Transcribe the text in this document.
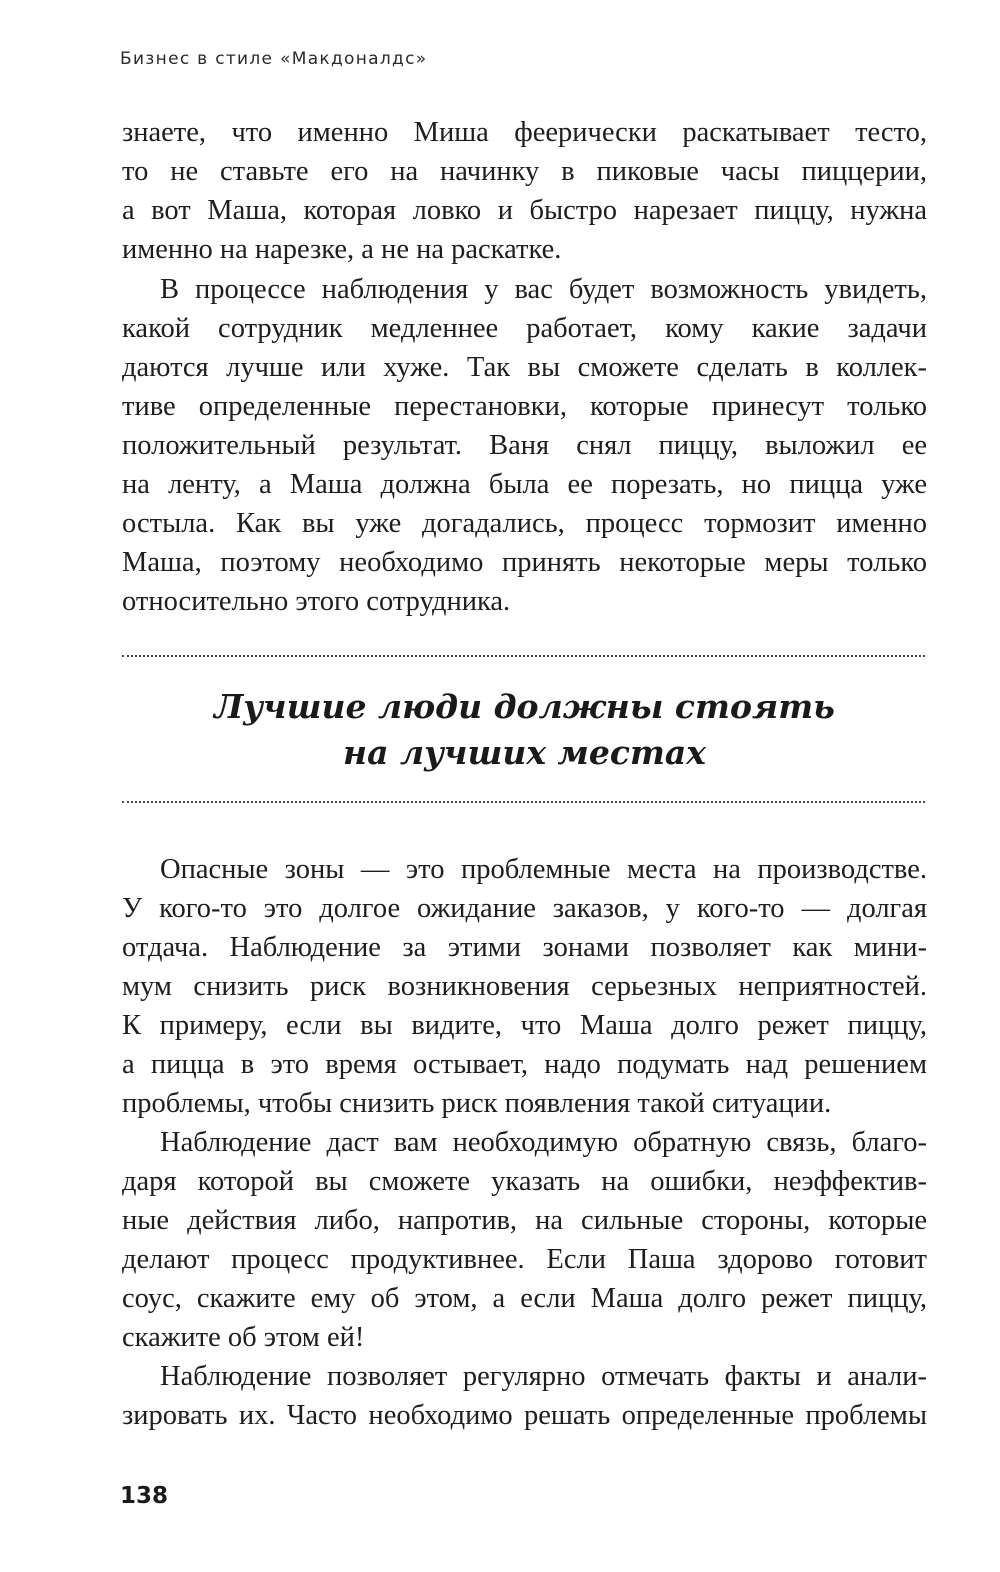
Бизнес в стиле «Макдоналдс»
знаете, что именно Миша феерически раскатывает тесто,
то не ставьте его на начинку в пиковые часы пиццерии,
а вот Маша, которая ловко и быстро нарезает пиццу, нужна
именно на нарезке, а не на раскатке.
В процессе наблюдения у вас будет возможность увидеть,
какой сотрудник медленнее работает, кому какие задачи
даются лучше или хуже. Так вы сможете сделать в коллек-
тиве определенные перестановки, которые принесут только
положительный результат. Ваня снял пиццу, выложил ее
на ленту, а Маша должна была ее порезать, но пицца уже
остыла. Как вы уже догадались, процесс тормозит именно
Маша, поэтому необходимо принять некоторые меры только
относительно этого сотрудника.
Лучшие люди должны стоять
на лучших местах
Опасные зоны — это проблемные места на производстве.
У кого-то это долгое ожидание заказов, у кого-то — долгая
отдача. Наблюдение за этими зонами позволяет как мини-
мум снизить риск возникновения серьезных неприятностей.
К примеру, если вы видите, что Маша долго режет пиццу,
а пицца в это время остывает, надо подумать над решением
проблемы, чтобы снизить риск появления такой ситуации.
Наблюдение даст вам необходимую обратную связь, благо-
даря которой вы сможете указать на ошибки, неэффектив-
ные действия либо, напротив, на сильные стороны, которые
делают процесс продуктивнее. Если Паша здорово готовит
соус, скажите ему об этом, а если Маша долго режет пиццу,
скажите об этом ей!
Наблюдение позволяет регулярно отмечать факты и анали-
зировать их. Часто необходимо решать определенные проблемы
138
